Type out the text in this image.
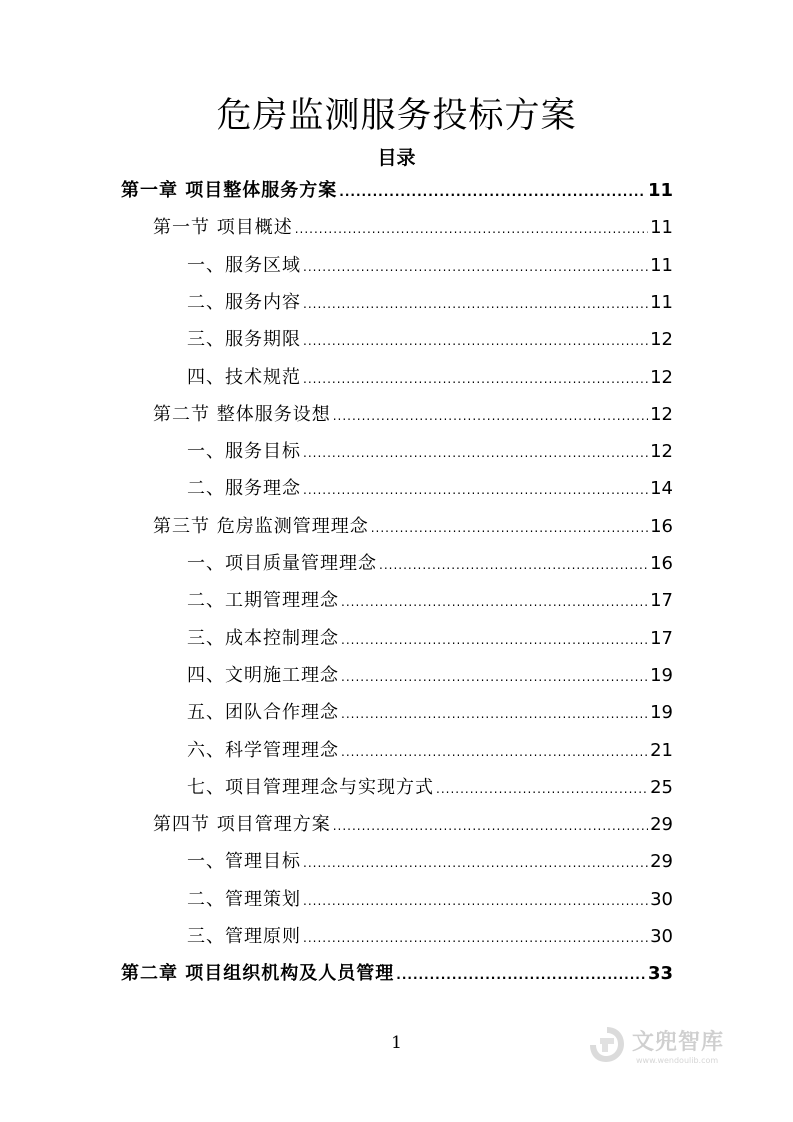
危房监测服务投标方案
目录
第一章 项目整体服务方案 .....	11
第一节 项目概述 .....	11
一、服务区域 .....	11
二、服务内容 .....	11
三、服务期限 .....	12
四、技术规范 .....	12
第二节 整体服务设想 .....	12
一、服务目标 .....	12
二、服务理念 .....	14
第三节 危房监测管理理念 .....	16
一、项目质量管理理念 .....	16
二、工期管理理念 .....	17
三、成本控制理念 .....	17
四、文明施工理念 .....	19
五、团队合作理念 .....	19
六、科学管理理念 .....	21
七、项目管理理念与实现方式 .....	25
第四节 项目管理方案 .....	29
一、管理目标 .....	29
二、管理策划 .....	30
三、管理原则 .....	30
第二章 项目组织机构及人员管理 .....	33
1	文兜智库
www.wendoulib.com
